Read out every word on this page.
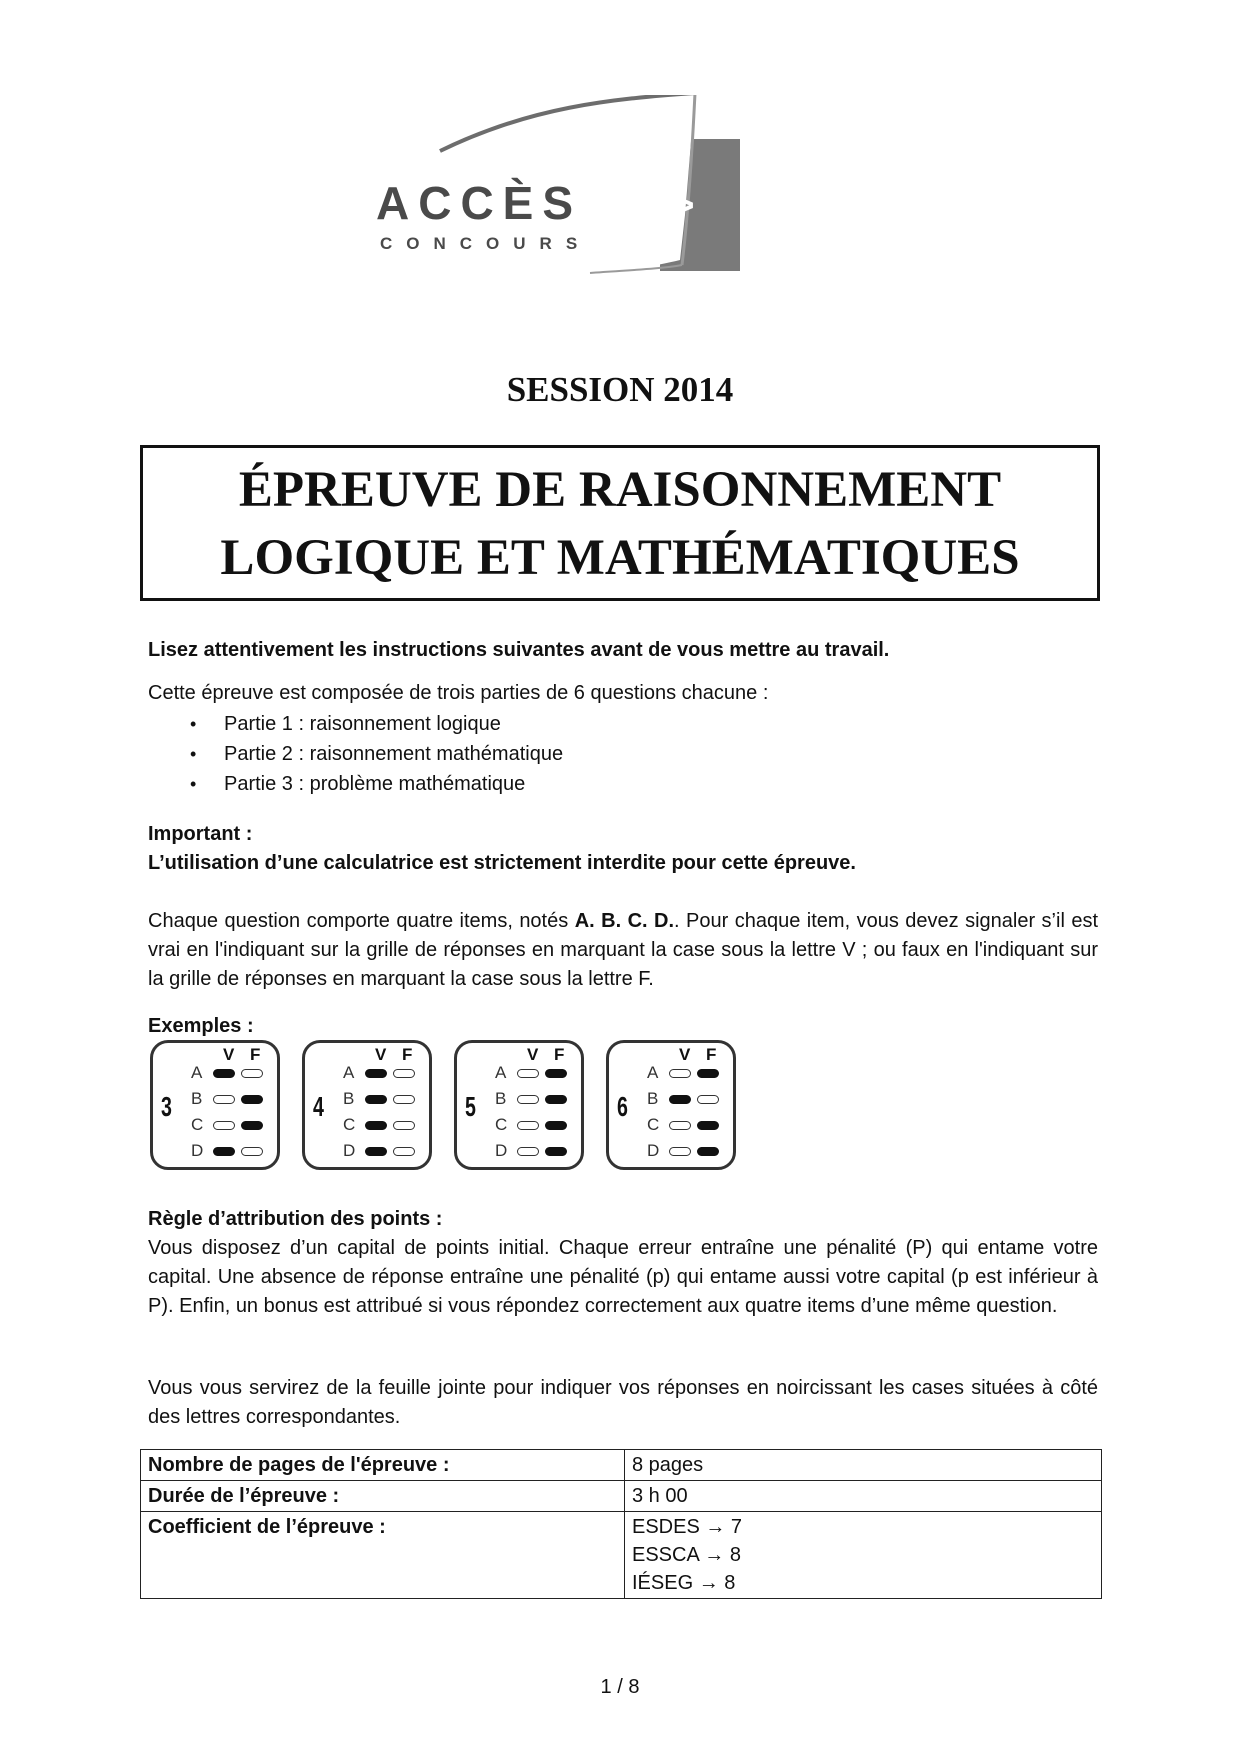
ACCÈS
CONCOURS
>
SESSION 2014
ÉPREUVE DE RAISONNEMENT
LOGIQUE ET MATHÉMATIQUES
Lisez attentivement les instructions suivantes avant de vous mettre au travail.
Cette épreuve est composée de trois parties de 6 questions chacune :
• Partie 1 : raisonnement logique
• Partie 2 : raisonnement mathématique
• Partie 3 : problème mathématique
Important :
L’utilisation d’une calculatrice est strictement interdite pour cette épreuve.
Chaque question comporte quatre items, notés A. B. C. D.. Pour chaque item, vous devez signaler s’il est vrai en l'indiquant sur la grille de réponses en marquant la case sous la lettre V ; ou faux en l'indiquant sur la grille de réponses en marquant la case sous la lettre F.
Exemples :
3
V F
A
B
C
D
4
V F
A
B
C
D
5
V F
A
B
C
D
6
V F
A
B
C
D
Règle d’attribution des points :
Vous disposez d’un capital de points initial. Chaque erreur entraîne une pénalité (P) qui entame votre capital. Une absence de réponse entraîne une pénalité (p) qui entame aussi votre capital (p est inférieur à P). Enfin, un bonus est attribué si vous répondez correctement aux quatre items d’une même question.
Vous vous servirez de la feuille jointe pour indiquer vos réponses en noircissant les cases situées à côté des lettres correspondantes.
Nombre de pages de l'épreuve :	8 pages

Durée de l’épreuve :	3 h 00

Coefficient de l’épreuve :	ESDES → 7
ESSCA → 8
IÉSEG → 8
1 / 8
